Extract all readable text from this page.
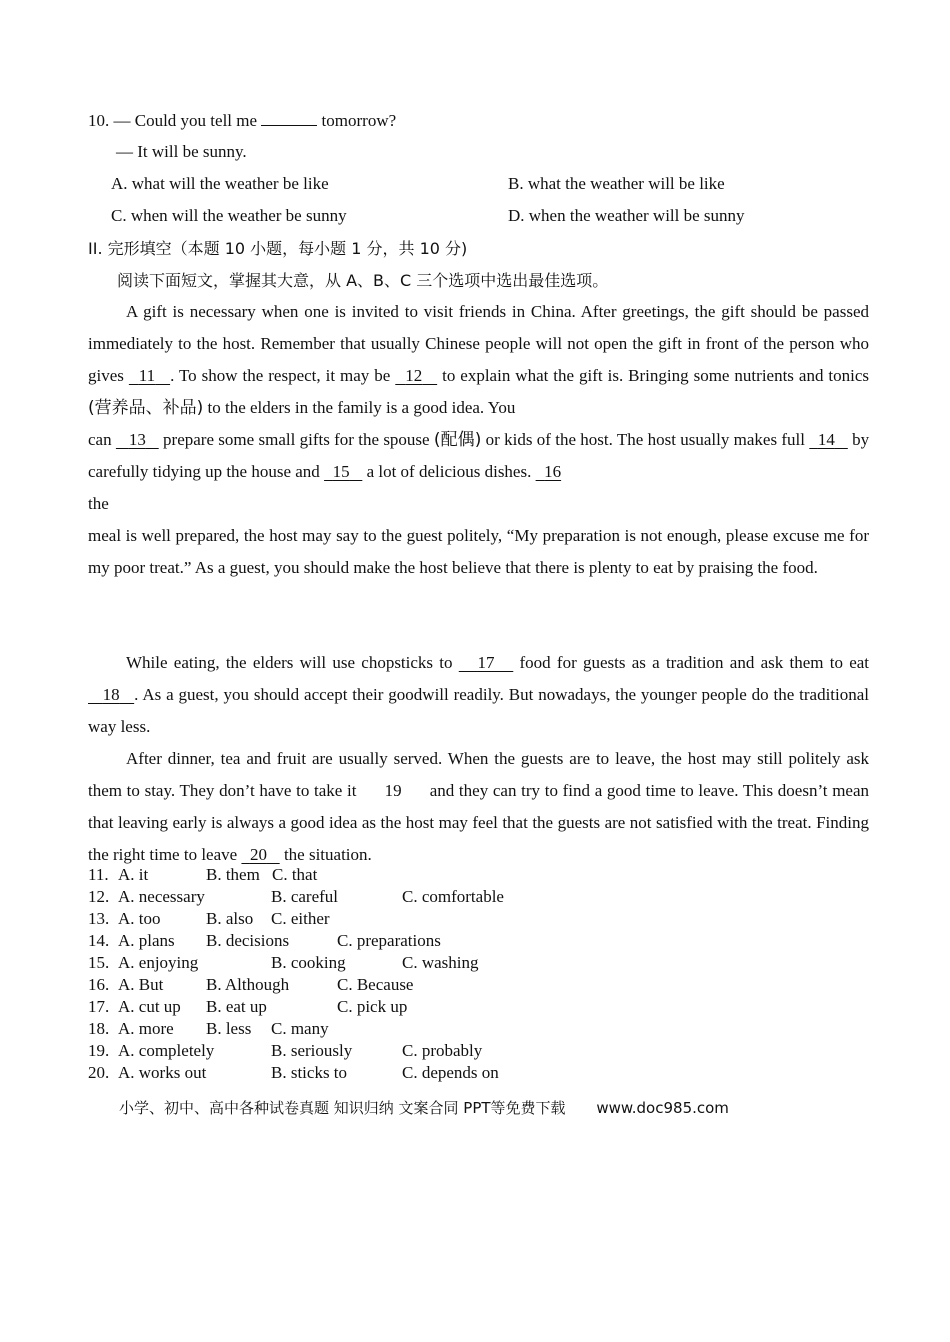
10. — Could you tell me	tomorrow?
— It will be sunny.
A. what will the weather be like	B. what the weather will be like
C. when will the weather be sunny	D. when the weather will be sunny
II. 完形填空（本题 10 小题，每小题 1 分，共 10 分)
阅读下面短文，掌握其大意，从 A、B、C 三个选项中选出最佳选项。
A gift is necessary when one is invited to visit friends in China. After greetings, the gift should be passed immediately to the host. Remember that usually Chinese people will not open the gift in front of the person who gives 11 . To show the respect, it may be 12 to explain what the gift is. Bringing some nutrients and tonics (营养品、补品) to the elders in the family is a good idea. You
can 13 prepare some small gifts for the spouse (配偶) or kids of the host. The host usually makes full 14 by carefully tidying up the house and 15 a lot of delicious dishes. 16
the
meal is well prepared, the host may say to the guest politely, “My preparation is not enough, please excuse me for my poor treat.” As a guest, you should make the host believe that there is plenty to eat by praising the food.
While eating, the elders will use chopsticks to 17 food for guests as a tradition and ask them to eat    18 . As a guest, you should accept their goodwill readily. But nowadays, the younger people do the traditional way less.
After dinner, tea and fruit are usually served. When the guests are to leave, the host may still politely ask them to stay. They don’t have to take it 19 and they can try to find a good time to leave. This doesn’t mean that leaving early is always a good idea as the host may feel that the guests are not satisfied with the treat. Finding the right time to leave 20 the situation.
11. A. it	B. them C. that
12. A. necessary	B. careful	C. comfortable
13. A. too	B. also C. either
14. A. plans B. decisions	C. preparations
15. A. enjoying	B. cooking	C. washing
16. A. But	B. Although	C. Because
17. A. cut up B. eat up	C. pick up
18. A. more B. less C. many
19. A. completely	B. seriously	C. probably
20. A. works out	B. sticks to	C. depends on
小学、初中、高中各种试卷真题 知识归纳 文案合同 PPT等免费下载 www.doc985.com
